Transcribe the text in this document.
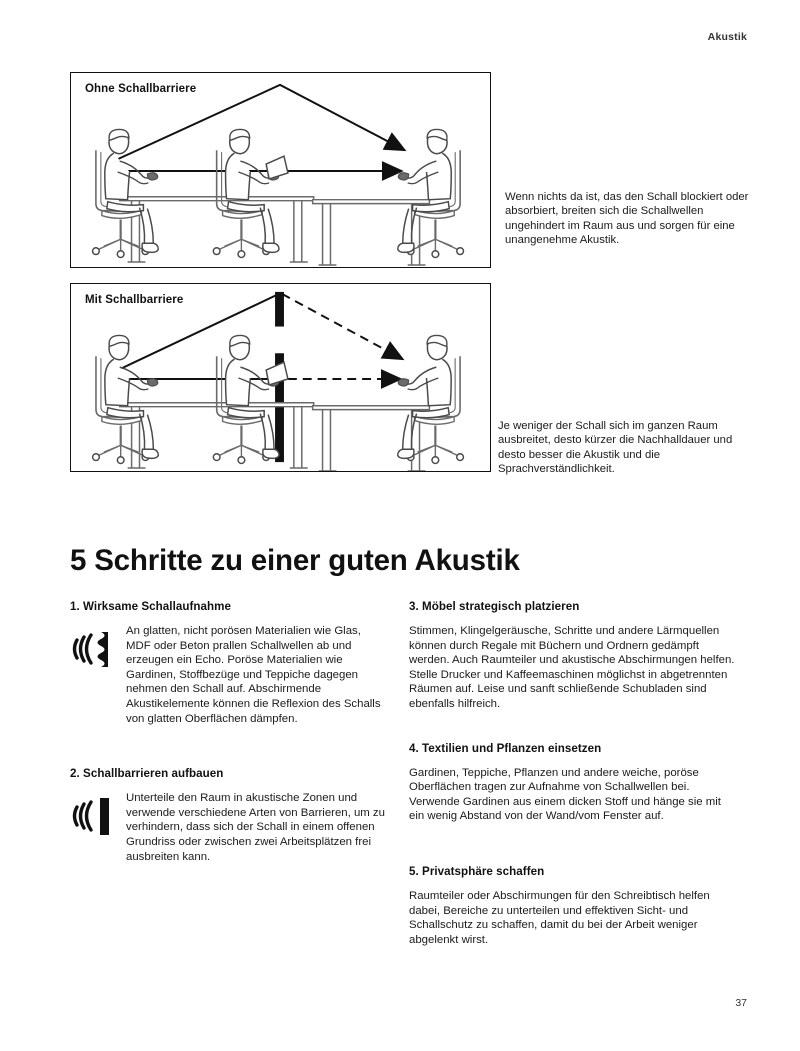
Akustik
Ohne Schallbarriere
Wenn nichts da ist, das den Schall blockiert oder absorbiert, breiten sich die Schallwellen ungehindert im Raum aus und sorgen für eine unangenehme Akustik.
Mit Schallbarriere
Je weniger der Schall sich im ganzen Raum ausbreitet, desto kürzer die Nachhalldauer und desto besser die Akustik und die Sprachverständlichkeit.
5 Schritte zu einer guten Akustik
1. Wirksame Schallaufnahme
An glatten, nicht porösen Materialien wie Glas, MDF oder Beton prallen Schallwellen ab und erzeugen ein Echo. Poröse Materialien wie Gardinen, Stoffbezüge und Teppiche dagegen nehmen den Schall auf. Abschirmende Akustikelemente können die Reflexion des Schalls von glatten Oberflächen dämpfen.
2. Schallbarrieren aufbauen
Unterteile den Raum in akustische Zonen und verwende verschiedene Arten von Barrieren, um zu verhindern, dass sich der Schall in einem offenen Grundriss oder zwischen zwei Arbeitsplätzen frei ausbreiten kann.
3. Möbel strategisch platzieren
Stimmen, Klingelgeräusche, Schritte und andere Lärmquellen können durch Regale mit Büchern und Ordnern gedämpft werden. Auch Raumteiler und akustische Abschirmungen helfen. Stelle Drucker und Kaffeemaschinen möglichst in abgetrennten Räumen auf. Leise und sanft schließende Schubladen sind ebenfalls hilfreich.
4. Textilien und Pflanzen einsetzen
Gardinen, Teppiche, Pflanzen und andere weiche, poröse Oberflächen tragen zur Aufnahme von Schallwellen bei. Verwende Gardinen aus einem dicken Stoff und hänge sie mit ein wenig Abstand von der Wand/vom Fenster auf.
5. Privatsphäre schaffen
Raumteiler oder Abschirmungen für den Schreibtisch helfen dabei, Bereiche zu unterteilen und effektiven Sicht- und Schallschutz zu schaffen, damit du bei der Arbeit weniger abgelenkt wirst.
37
